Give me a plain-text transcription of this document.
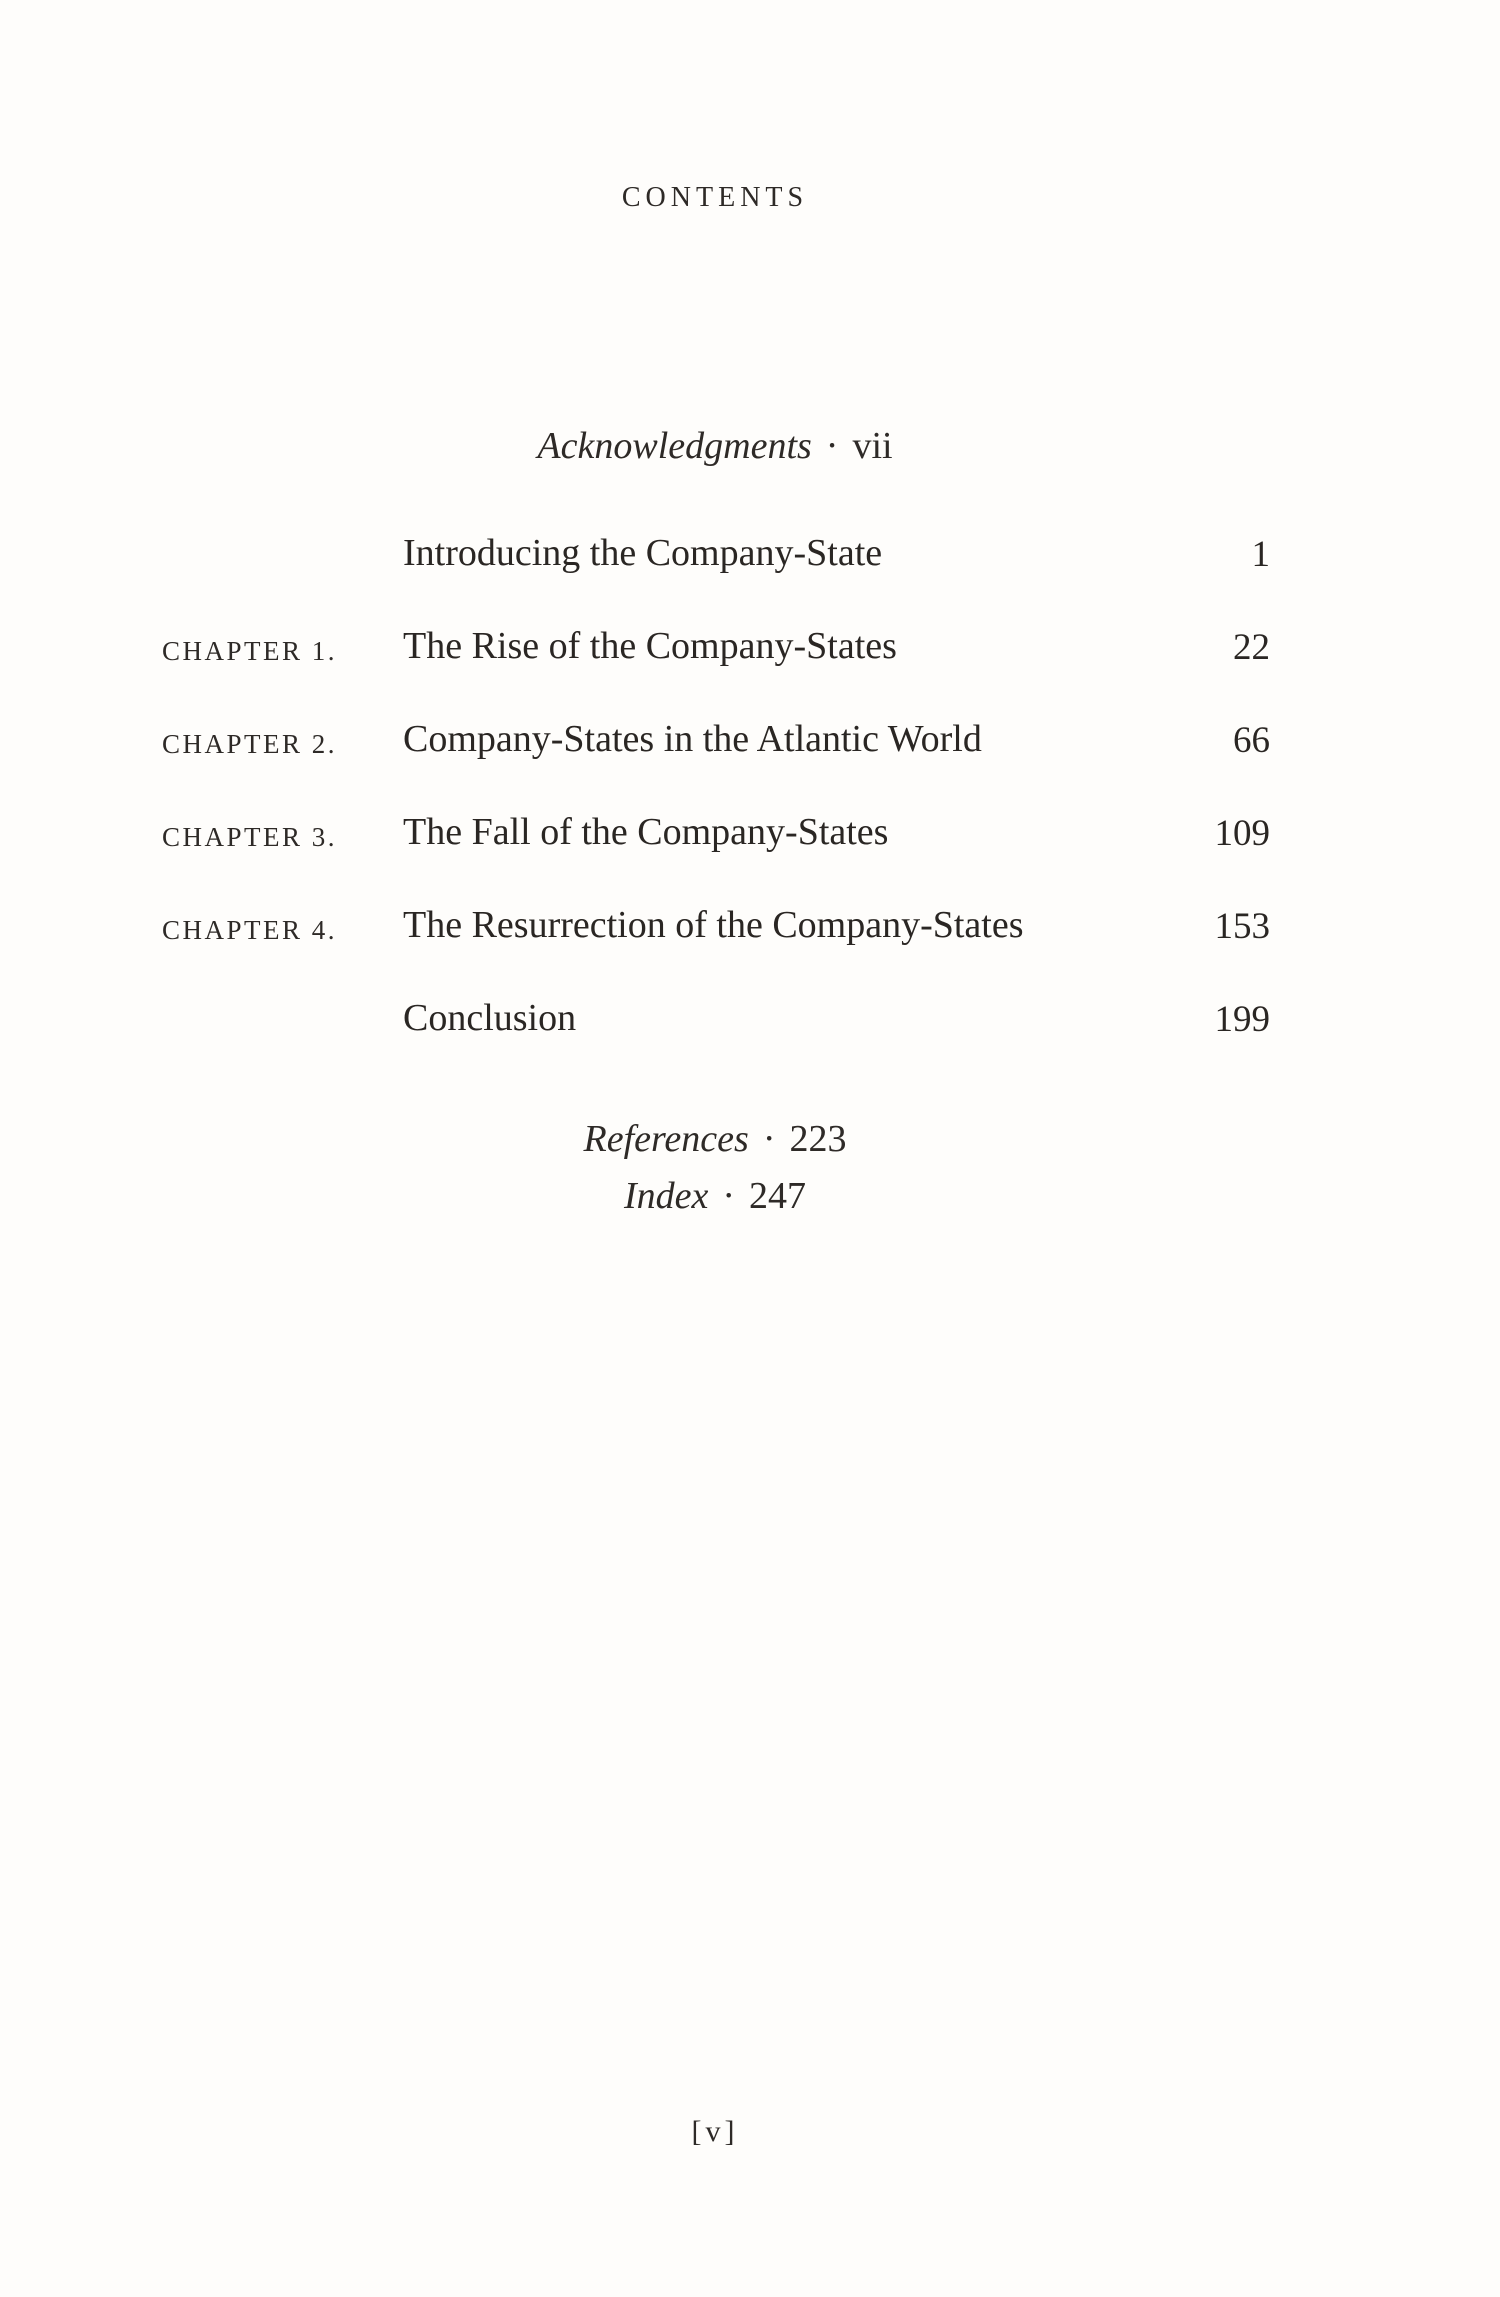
CONTENTS
Acknowledgments · vii
Introducing the Company-State	1
CHAPTER 1. The Rise of the Company-States	22
CHAPTER 2. Company-States in the Atlantic World	66
CHAPTER 3. The Fall of the Company-States	109
CHAPTER 4. The Resurrection of the Company-States	153
Conclusion	199
References · 223
Index · 247
[v]
